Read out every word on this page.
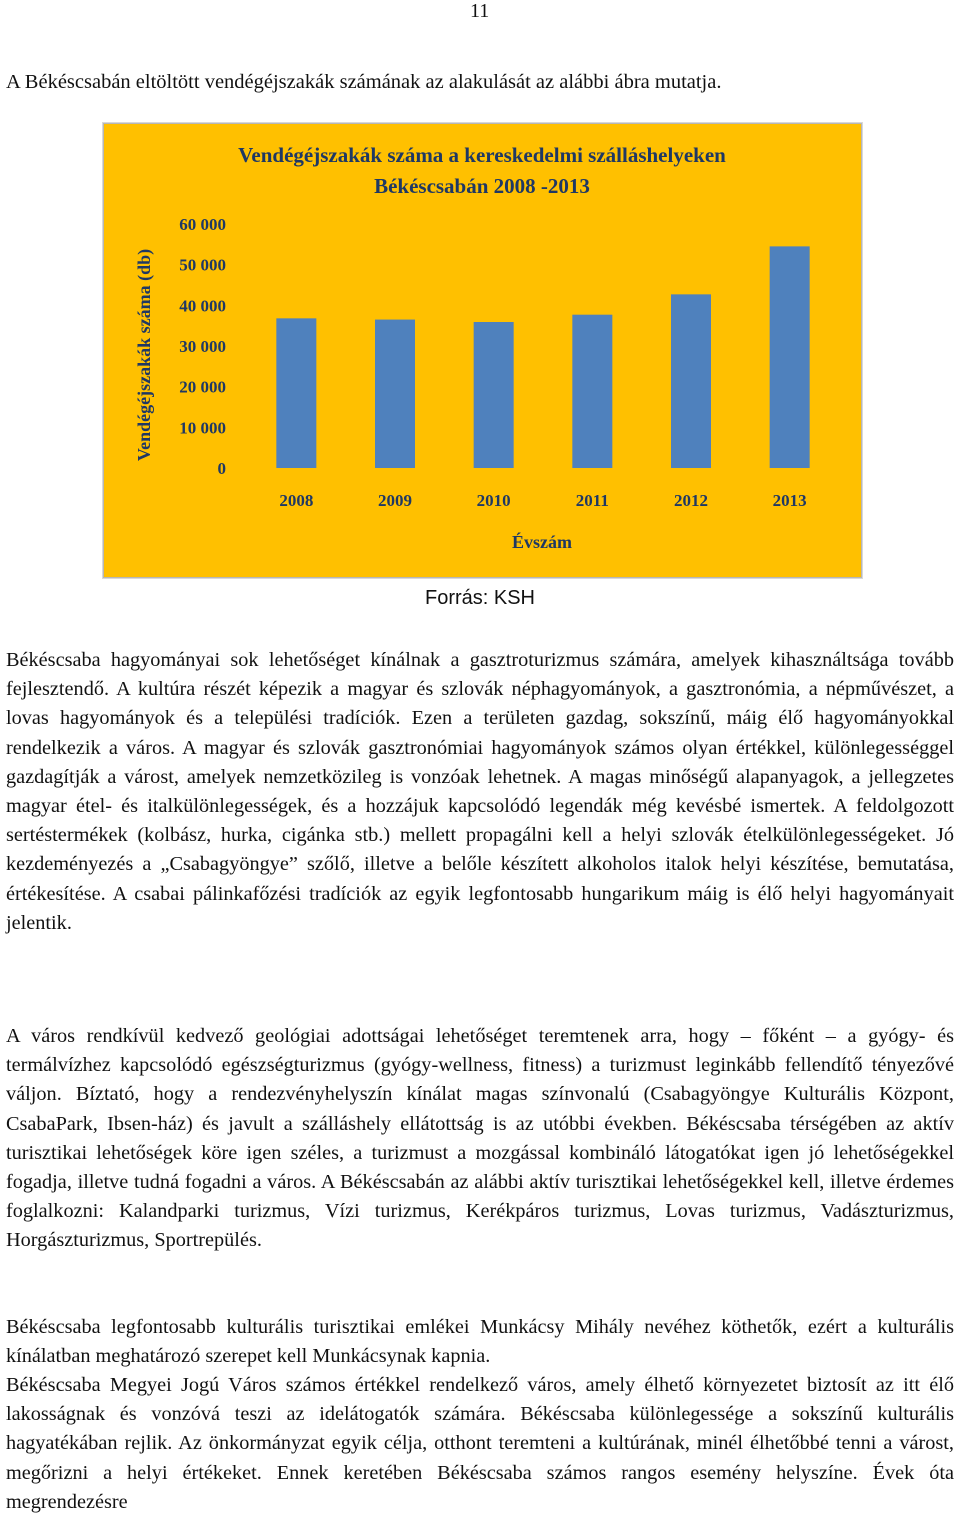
11
A Békéscsabán eltöltött vendégéjszakák számának az alakulását az alábbi ábra mutatja.
Vendégéjszakák száma a kereskedelmi szálláshelyeken
Békéscsabán 2008 -2013
Vendégéjszakák száma (db)
Évszám
0
10 000
20 000
30 000
40 000
50 000
60 000
2008	2009	2010	2011	2012	2013
Forrás: KSH

Békéscsaba hagyományai sok lehetőséget kínálnak a gasztroturizmus számára, amelyek kihasználtsága tovább fejlesztendő. A kultúra részét képezik a magyar és szlovák néphagyományok, a gasztronómia, a népművészet, a lovas hagyományok és a települési tradíciók. Ezen a területen gazdag, sokszínű, máig élő hagyományokkal rendelkezik a város. A magyar és szlovák gasztronómiai hagyományok számos olyan értékkel, különlegességgel gazdagítják a várost, amelyek nemzetközileg is vonzóak lehetnek. A magas minőségű alapanyagok, a jellegzetes magyar étel- és italkülönlegességek, és a hozzájuk kapcsolódó legendák még kevésbé ismertek. A feldolgozott sertéstermékek (kolbász, hurka, cigánka stb.) mellett propagálni kell a helyi szlovák ételkülönlegességeket. Jó kezdeményezés a „Csabagyöngye” szőlő, illetve a belőle készített alkoholos italok helyi készítése, bemutatása, értékesítése. A csabai pálinkafőzési tradíciók az egyik legfontosabb hungarikum máig is élő helyi hagyományait jelentik.

A város rendkívül kedvező geológiai adottságai lehetőséget teremtenek arra, hogy – főként – a gyógy- és termálvízhez kapcsolódó egészségturizmus (gyógy-wellness, fitness) a turizmust leginkább fellendítő tényezővé váljon. Bíztató, hogy a rendezvényhelyszín kínálat magas színvonalú (Csabagyöngye Kulturális Központ, CsabaPark, Ibsen-ház) és javult a szálláshely ellátottság is az utóbbi években. Békéscsaba térségében az aktív turisztikai lehetőségek köre igen széles, a turizmust a mozgással kombináló látogatókat igen jó lehetőségekkel fogadja, illetve tudná fogadni a város. A Békéscsabán az alábbi aktív turisztikai lehetőségekkel kell, illetve érdemes foglalkozni: Kalandparki turizmus, Vízi turizmus, Kerékpáros turizmus, Lovas turizmus, Vadászturizmus, Horgászturizmus, Sportrepülés.

Békéscsaba legfontosabb kulturális turisztikai emlékei Munkácsy Mihály nevéhez köthetők, ezért a kulturális kínálatban meghatározó szerepet kell Munkácsynak kapnia.

Békéscsaba Megyei Jogú Város számos értékkel rendelkező város, amely élhető környezetet biztosít az itt élő lakosságnak és vonzóvá teszi az idelátogatók számára. Békéscsaba különlegessége a sokszínű kulturális hagyatékában rejlik. Az önkormányzat egyik célja, otthont teremteni a kultúrának, minél élhetőbbé tenni a várost, megőrizni a helyi értékeket. Ennek keretében Békéscsaba számos rangos esemény helyszíne. Évek óta megrendezésre
